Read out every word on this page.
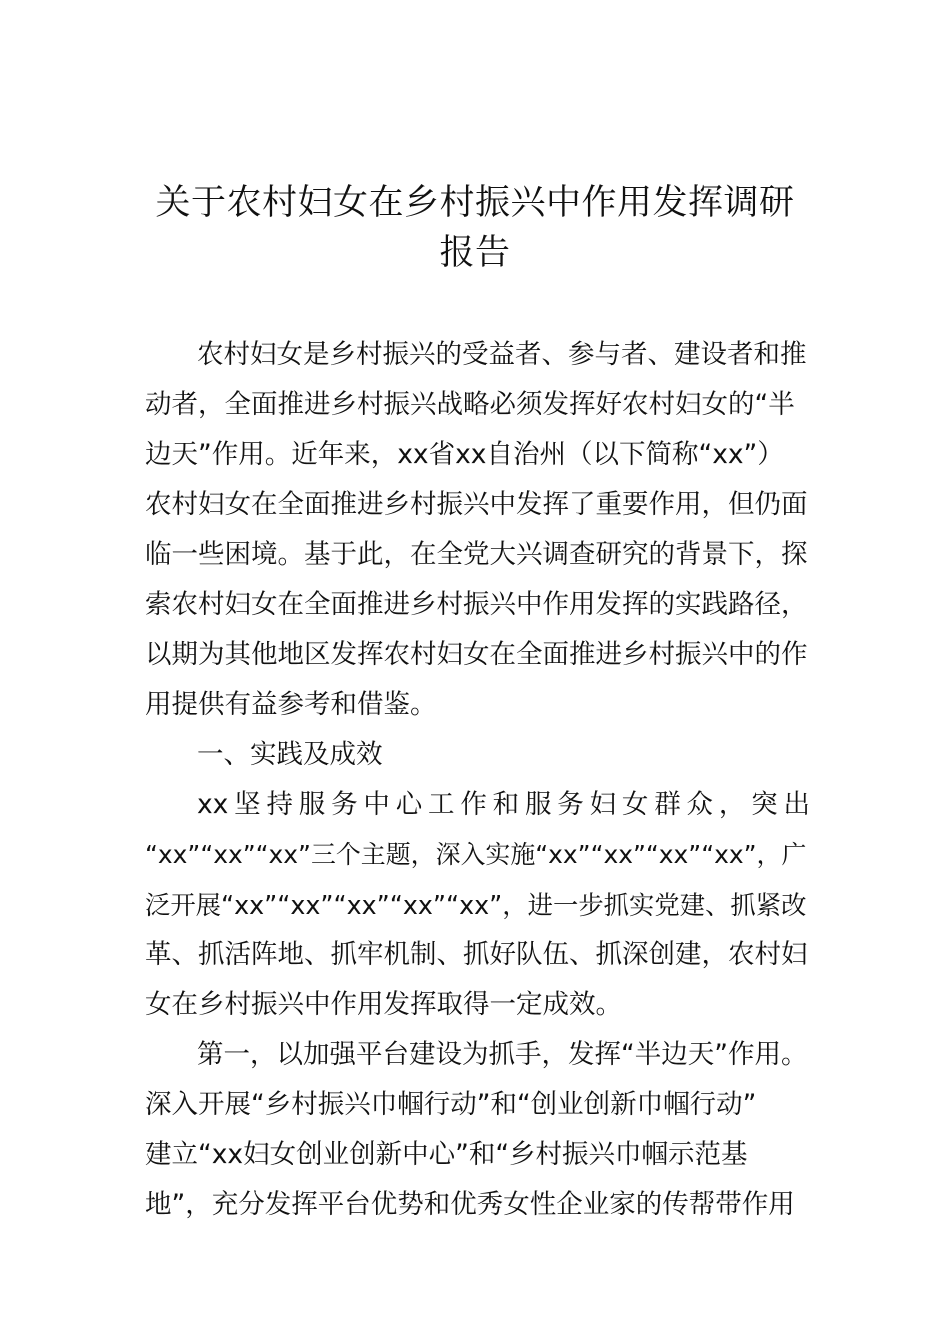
关于农村妇女在乡村振兴中作用发挥调研
报告

农村妇女是乡村振兴的受益者、参与者、建设者和推

动者，全面推进乡村振兴战略必须发挥好农村妇女的“半

边天”作用。近年来，xx省xx自治州（以下简称“xx”）

农村妇女在全面推进乡村振兴中发挥了重要作用，但仍面

临一些困境。基于此，在全党大兴调查研究的背景下，探

索农村妇女在全面推进乡村振兴中作用发挥的实践路径，

以期为其他地区发挥农村妇女在全面推进乡村振兴中的作

用提供有益参考和借鉴。

一、实践及成效

xx坚持服务中心工作和服务妇女群众，突出

“xx”“xx”“xx”三个主题，深入实施“xx”“xx”“xx”“xx”，广

泛开展“xx”“xx”“xx”“xx”“xx”，进一步抓实党建、抓紧改

革、抓活阵地、抓牢机制、抓好队伍、抓深创建，农村妇

女在乡村振兴中作用发挥取得一定成效。

第一，以加强平台建设为抓手，发挥“半边天”作用。

深入开展“乡村振兴巾帼行动”和“创业创新巾帼行动”

建立“xx妇女创业创新中心”和“乡村振兴巾帼示范基

地”，充分发挥平台优势和优秀女性企业家的传帮带作用
